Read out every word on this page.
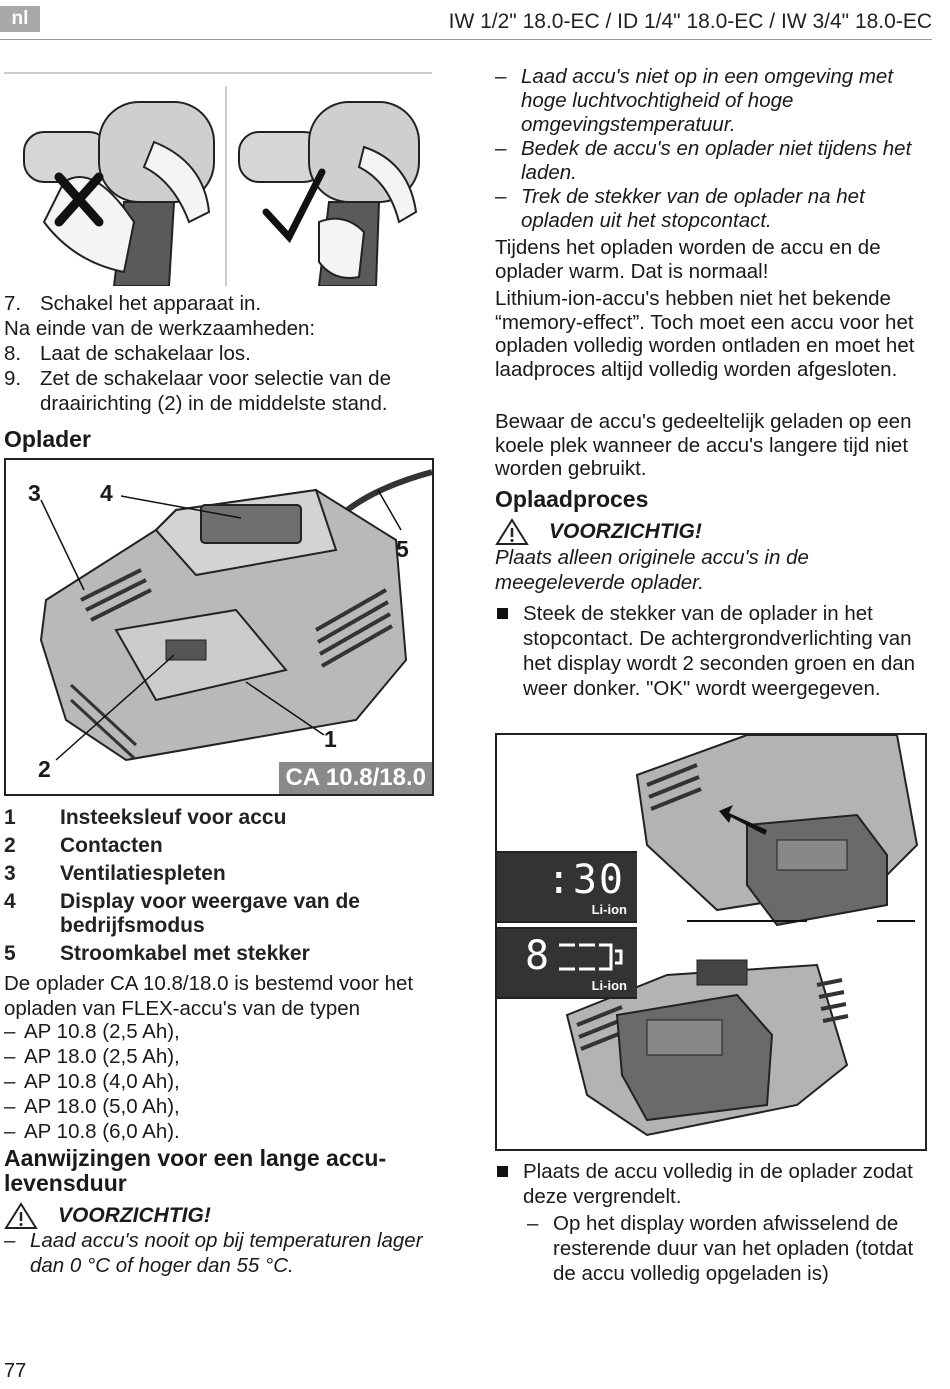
nl	IW 1/2" 18.0-EC / ID 1/4" 18.0-EC / IW 3/4" 18.0-EC
7. Schakel het apparaat in.
Na einde van de werkzaamheden:
8. Laat de schakelaar los.
9. Zet de schakelaar voor selectie van de draairichting (2) in de middelste stand.
Oplader
3	4
5
1
2	CA 10.8/18.0
1	Insteeksleuf voor accu
2	Contacten
3	Ventilatiespleten
4	Display voor weergave van de bedrijfsmodus
5	Stroomkabel met stekker
De oplader CA 10.8/18.0 is bestemd voor het opladen van FLEX-accu's van de typen
– AP 10.8 (2,5 Ah),
– AP 18.0 (2,5 Ah),
– AP 10.8 (4,0 Ah),
– AP 18.0 (5,0 Ah),
– AP 10.8 (6,0 Ah).
Aanwijzingen voor een lange accu-levensduur
VOORZICHTIG!
– Laad accu's nooit op bij temperaturen lager dan 0 °C of hoger dan 55 °C.
77
– Laad accu's niet op in een omgeving met hoge luchtvochtigheid of hoge omgevingstemperatuur.
– Bedek de accu's en oplader niet tijdens het laden.
– Trek de stekker van de oplader na het opladen uit het stopcontact.
Tijdens het opladen worden de accu en de oplader warm. Dat is normaal!
Lithium-ion-accu's hebben niet het bekende “memory-effect”. Toch moet een accu voor het opladen volledig worden ontladen en moet het laadproces altijd volledig worden afgesloten.
Bewaar de accu's gedeeltelijk geladen op een koele plek wanneer de accu's langere tijd niet worden gebruikt.
Oplaadproces
VOORZICHTIG!
Plaats alleen originele accu's in de meegeleverde oplader.
Steek de stekker van de oplader in het stopcontact. De achtergrondverlichting van het display wordt 2 seconden groen en dan weer donker. "OK" wordt weergegeven.
:30
Li-ion
8
Li-ion
Plaats de accu volledig in de oplader zodat deze vergrendelt.
– Op het display worden afwisselend de resterende duur van het opladen (totdat de accu volledig opgeladen is)
